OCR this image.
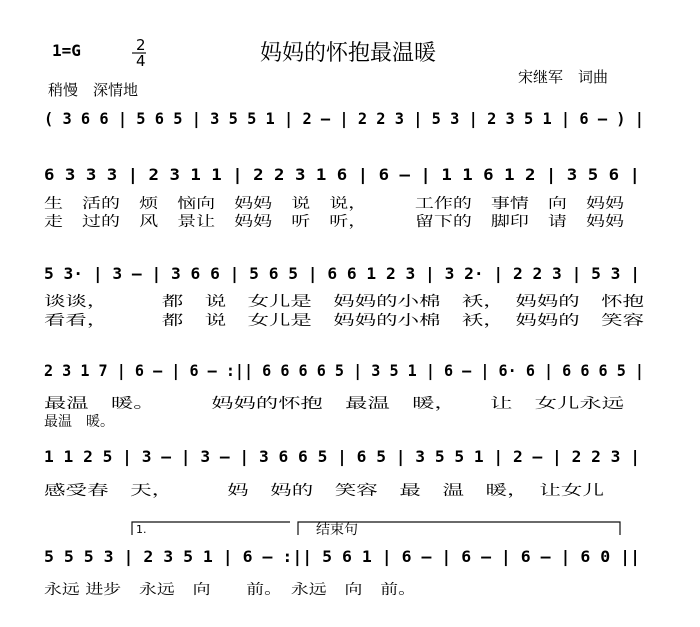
1=G	2
4	妈妈的怀抱最温暖
稍慢　深情地
宋继军　词曲
( 3 6 6 | 5 6 5 | 3 5 5 1 | 2 – | 2 2 3 | 5 3 | 2 3 5 1 | 6 – ) |
6 3 3 3 | 2 3 1 1 | 2 2 3 1 6 | 6 – | 1 1 6 1 2 | 3 5 6 |
生　活的　烦　恼向　妈妈　说　说，　　　工作的　事情　向　妈妈
走　过的　风　景让　妈妈　听　听，　　　留下的　脚印　请　妈妈
5 3· | 3 – | 3 6 6 | 5 6 5 | 6 6 1 2 3 | 3 2· | 2 2 3 | 5 3 |
谈谈，　　　都　说　女儿是　妈妈的小棉　袄，　妈妈的　怀抱
看看，　　　都　说　女儿是　妈妈的小棉　袄，　妈妈的　笑容
2 3 1 7 | 6 – | 6 – :|| 6 6 6 6 5 | 3 5 1 | 6 – | 6· 6 | 6 6 6 5 |
最温　暖。　　　妈妈的怀抱　最温　暖，　　让　女儿永远
最温　暖。
1 1 2 5 | 3 – | 3 – | 3 6 6 5 | 6 5 | 3 5 5 1 | 2 – | 2 2 3 |
感受春　天，　　　妈　妈的　笑容　最　温　暖，　让女儿
1.	结束句
5 5 5 3 | 2 3 5 1 | 6 – :|| 5 6 1 | 6 – | 6 – | 6 – | 6 0 ||
永远 进步　永远　向　　前。　永远　向　前。
